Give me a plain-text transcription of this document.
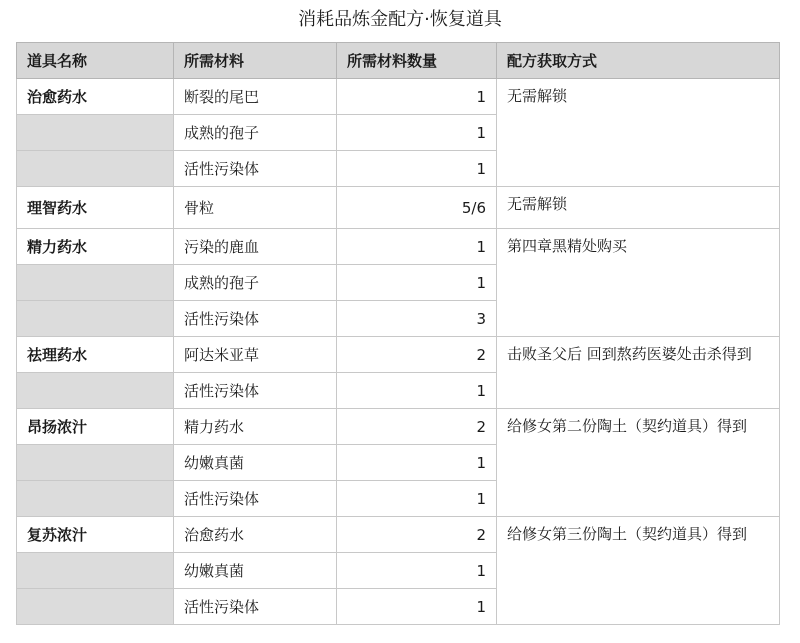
消耗品炼金配方·恢复道具
道具名称	所需材料	所需材料数量	配方获取方式
治愈药水	断裂的尾巴	1	无需解锁
	成熟的孢子	1	
	活性污染体	1	
理智药水	骨粒	5/6	无需解锁
精力药水	污染的鹿血	1	第四章黑精处购买
	成熟的孢子	1	
	活性污染体	3	
祛理药水	阿达米亚草	2	击败圣父后 回到熬药医婆处击杀得到
	活性污染体	1	
昂扬浓汁	精力药水	2	给修女第二份陶土（契约道具）得到
	幼嫩真菌	1	
	活性污染体	1	
复苏浓汁	治愈药水	2	给修女第三份陶土（契约道具）得到
	幼嫩真菌	1	
	活性污染体	1	
